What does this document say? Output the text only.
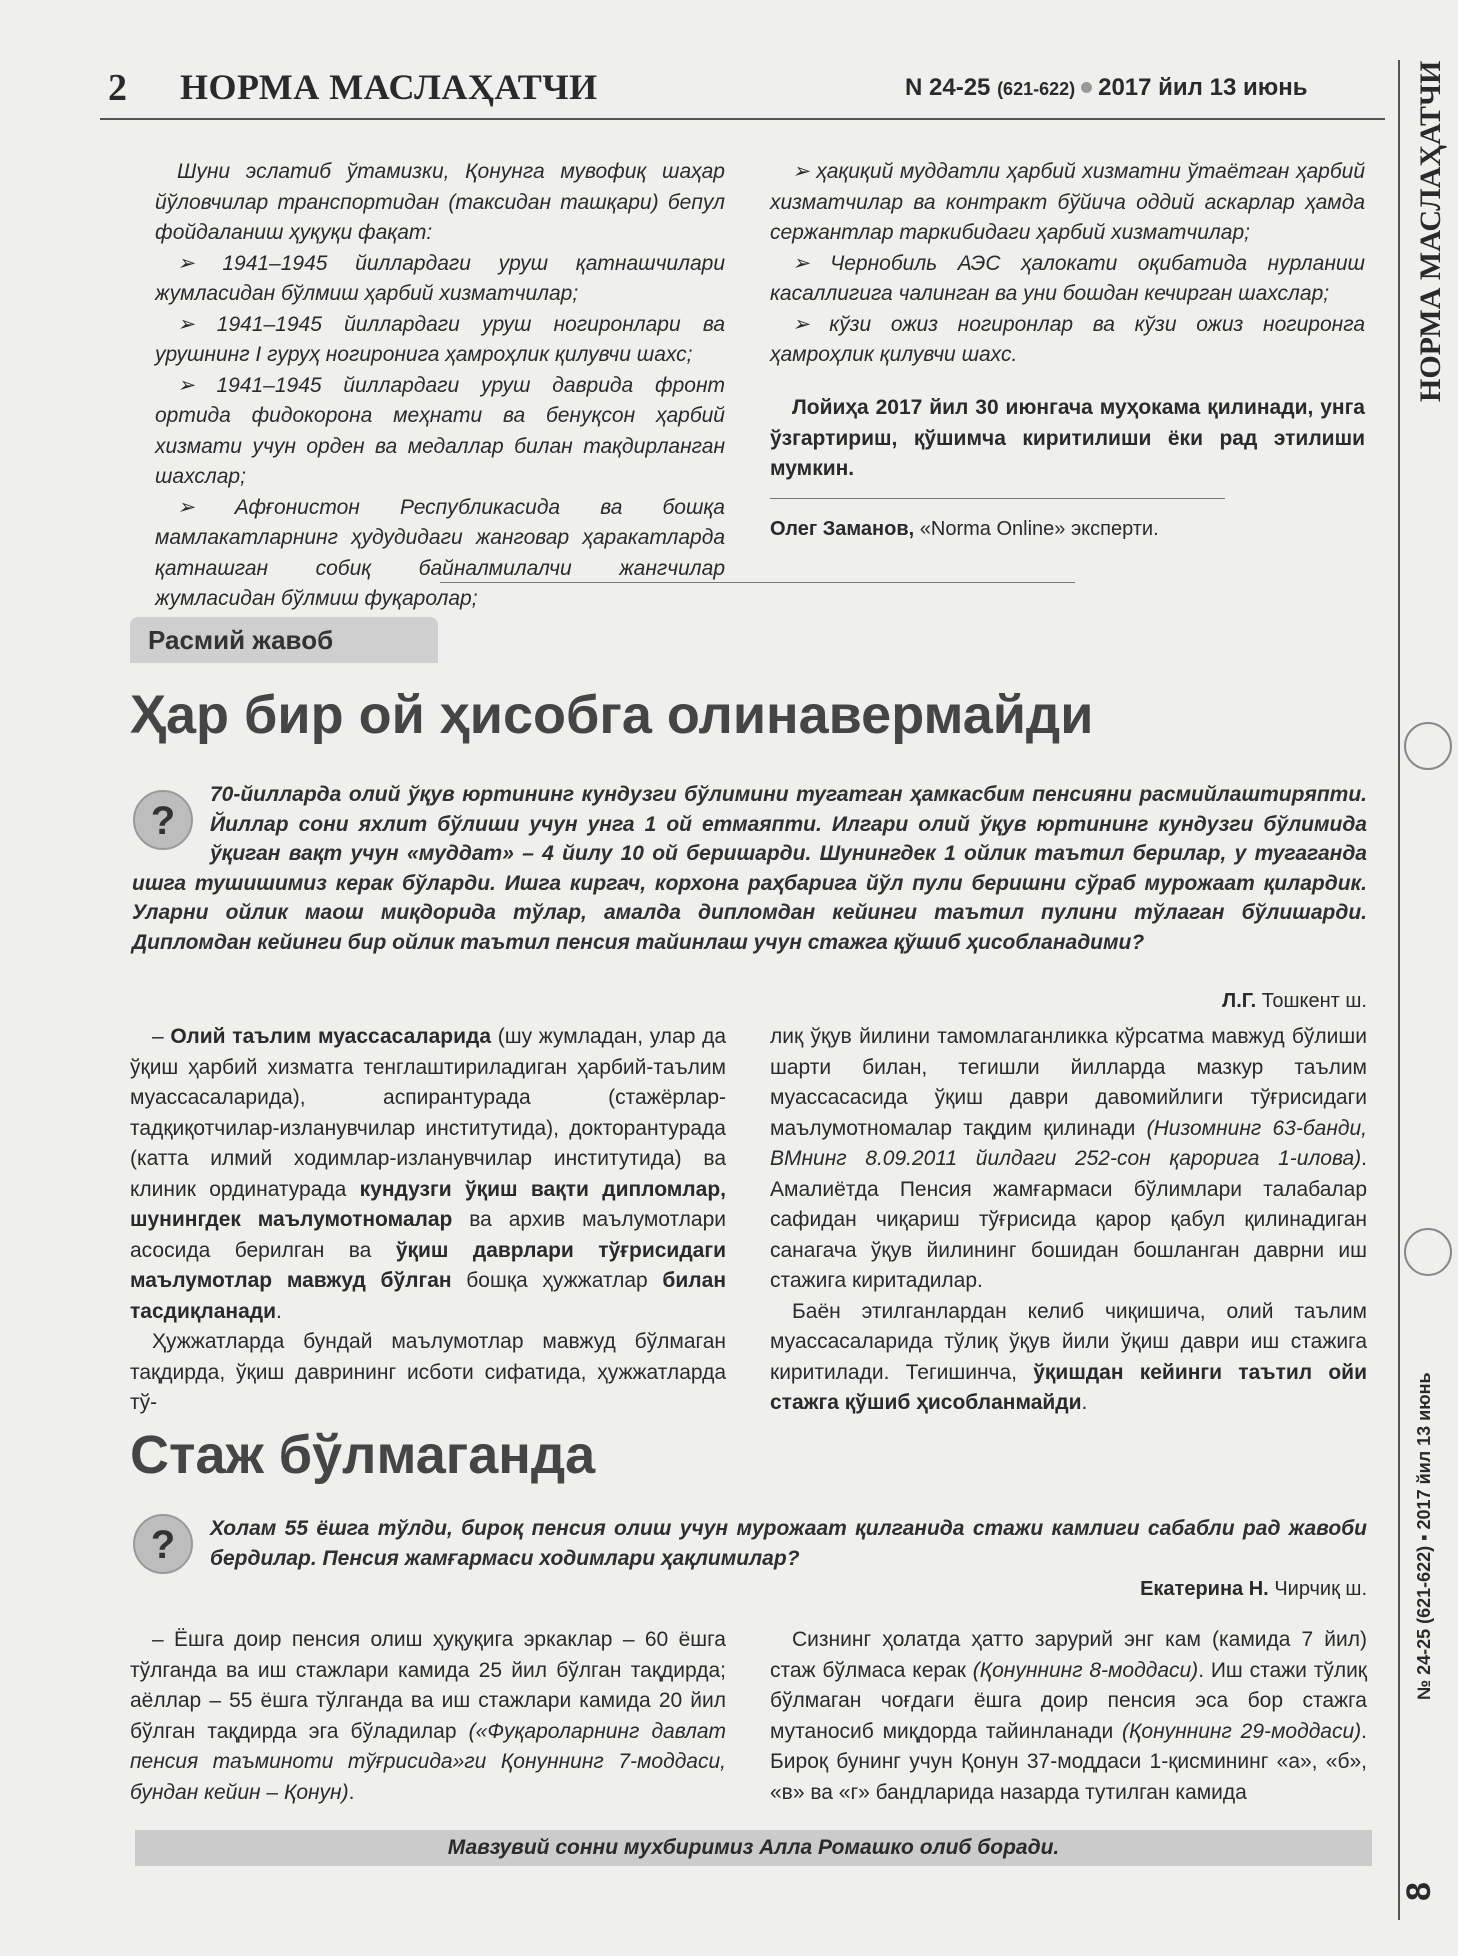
2 НОРМА МАСЛАҲАТЧИ	N 24-25 (621-622) 2017 йил 13 июнь	НОРМА МАСЛАҲАТЧИ
№ 24-25 (621-622) ▪ 2017 йил 13 июнь
8

Шуни эслатиб ўтамизки, Қонунга мувофиқ шаҳар йўловчилар транспортидан (таксидан ташқари) бепул фойдаланиш ҳуқуқи фақат:

➢ 1941–1945 йиллардаги уруш қатнашчилари жумласидан бўлмиш ҳарбий хизматчилар;

➢ 1941–1945 йиллардаги уруш ногиронлари ва урушнинг I гуруҳ ногиронига ҳамроҳлик қилувчи шахс;

➢ 1941–1945 йиллардаги уруш даврида фронт ортида фидокорона меҳнати ва бенуқсон ҳарбий хизмати учун орден ва медаллар билан тақдирланган шахслар;

➢ Афғонистон Республикасида ва бошқа мамлакатларнинг ҳудудидаги жанговар ҳаракатларда қатнашган собиқ байналмилалчи жангчилар жумласидан бўлмиш фуқаролар;

➢ ҳақиқий муддатли ҳарбий хизматни ўтаётган ҳарбий хизматчилар ва контракт бўйича оддий аскарлар ҳамда сержантлар таркибидаги ҳарбий хизматчилар;

➢ Чернобиль АЭС ҳалокати оқибатида нурланиш касаллигига чалинган ва уни бошдан кечирган шахслар;

➢ кўзи ожиз ногиронлар ва кўзи ожиз ногиронга ҳамроҳлик қилувчи шахс.

Лойиҳа 2017 йил 30 июнгача муҳокама қилинади, унга ўзгартириш, қўшимча киритилиши ёки рад этилиши мумкин.

Олег Заманов, «Norma Online» эксперти.
Расмий жавоб
Ҳар бир ой ҳисобга олинавермайди
?
70-йилларда олий ўқув юртининг кундузги бўлимини тугатган ҳамкасбим пенсияни расмийлаштиряпти. Йиллар сони яхлит бўлиши учун унга 1 ой етмаяпти. Илгари олий ўқув юртининг кундузги бўлимида ўқиган вақт учун «муддат» – 4 йилу 10 ой беришарди. Шунингдек 1 ойлик таътил берилар, у тугаганда ишга тушишимиз керак бўларди. Ишга киргач, корхона раҳбарига йўл пули беришни сўраб мурожаат қилардик. Уларни ойлик маош миқдорида тўлар, амалда дипломдан кейинги таътил пулини тўлаган бўлишарди. Дипломдан кейинги бир ойлик таътил пенсия тайинлаш учун стажга қўшиб ҳисобланадими?
Л.Г. Тошкент ш.

– Олий таълим муассасаларида (шу жумладан, улар да ўқиш ҳарбий хизматга тенглаштириладиган ҳарбий-таълим муассасаларида), аспирантурада (стажёрлар-тадқиқотчилар-изланувчилар институтида), докторантурада (катта илмий ходимлар-изланувчилар институтида) ва клиник ординатурада кундузги ўқиш вақти дипломлар, шунингдек маълумотномалар ва архив маълумотлари асосида берилган ва ўқиш даврлари тўғрисидаги маълумотлар мавжуд бўлган бошқа ҳужжатлар билан тасдиқланади.

Ҳужжатларда бундай маълумотлар мавжуд бўлмаган тақдирда, ўқиш даврининг исботи сифатида, ҳужжатларда тў-

лиқ ўқув йилини тамомлаганликка кўрсатма мавжуд бўлиши шарти билан, тегишли йилларда мазкур таълим муассасасида ўқиш даври давомийлиги тўғрисидаги маълумотномалар тақдим қилинади (Низомнинг 63-банди, ВМнинг 8.09.2011 йилдаги 252-сон қарорига 1-илова). Амалиётда Пенсия жамғармаси бўлимлари талабалар сафидан чиқариш тўғрисида қарор қабул қилинадиган санагача ўқув йилининг бошидан бошланган даврни иш стажига киритадилар.

Баён этилганлардан келиб чиқишича, олий таълим муассасаларида тўлиқ ўқув йили ўқиш даври иш стажига киритилади. Тегишинча, ўқишдан кейинги таътил ойи стажга қўшиб ҳисобланмайди.

Стаж бўлмаганда
?	Холам 55 ёшга тўлди, бироқ пенсия олиш учун мурожаат қилганида стажи камлиги сабабли рад жавоби бердилар. Пенсия жамғармаси ходимлари ҳақлимилар?
Екатерина Н. Чирчиқ ш.

– Ёшга доир пенсия олиш ҳуқуқига эркаклар – 60 ёшга тўлганда ва иш стажлари камида 25 йил бўлган тақдирда; аёллар – 55 ёшга тўлганда ва иш стажлари камида 20 йил бўлган тақдирда эга бўладилар («Фуқароларнинг давлат пенсия таъминоти тўғрисида»ги Қонуннинг 7-моддаси, бундан кейин – Қонун).

Сизнинг ҳолатда ҳатто зарурий энг кам (камида 7 йил) стаж бўлмаса керак (Қонуннинг 8-моддаси). Иш стажи тўлиқ бўлмаган чоғдаги ёшга доир пенсия эса бор стажга мутаносиб миқдорда тайинланади (Қонуннинг 29-моддаси). Бироқ бунинг учун Қонун 37-моддаси 1-қисмининг «а», «б», «в» ва «г» бандларида назарда тутилган камида

Мавзувий сонни мухбиримиз Алла Ромашко олиб боради.
